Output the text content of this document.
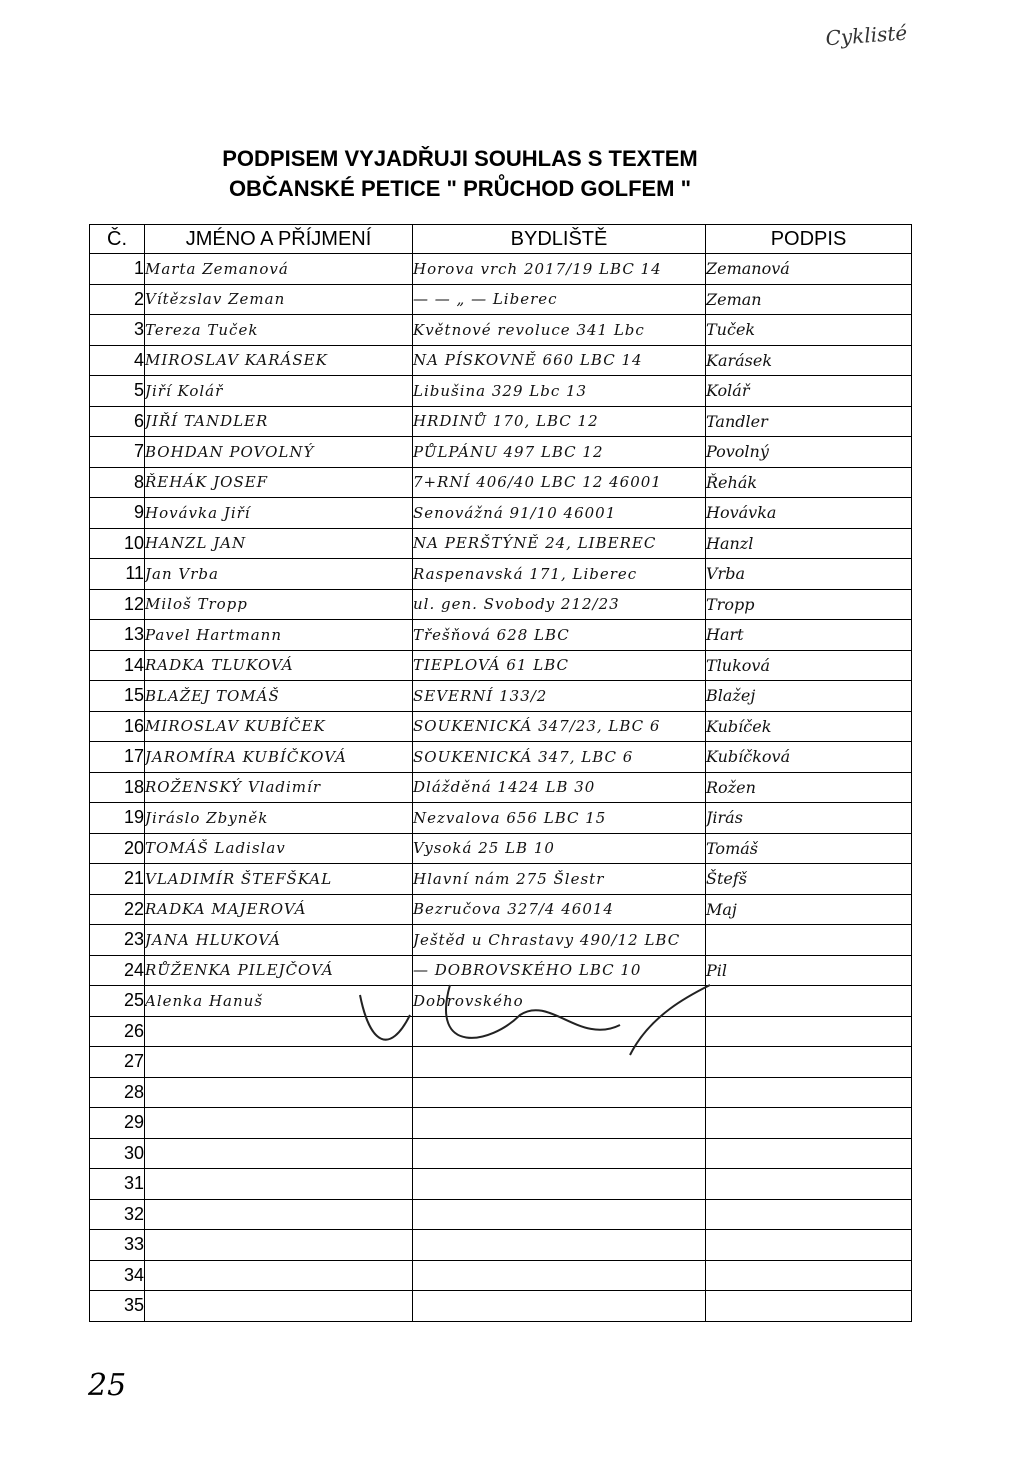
Cyklisté
PODPISEM VYJADŘUJI SOUHLAS S TEXTEM
OBČANSKÉ PETICE " PRŮCHOD GOLFEM "
Č.	JMÉNO A PŘÍJMENÍ	BYDLIŠTĚ	PODPIS
1	Marta Zemanová	Horova vrch 2017/19 LBC 14	Zemanová
2	Vítězslav Zeman	— — „ — Liberec	Zeman
3	Tereza Tuček	Květnové revoluce 341 Lbc	Tuček
4	MIROSLAV KARÁSEK	NA PÍSKOVNĚ 660 LBC 14	Karásek
5	Jiří Kolář	Libušina 329 Lbc 13	Kolář
6	JIŘÍ TANDLER	HRDINŮ 170, LBC 12	Tandler
7	BOHDAN POVOLNÝ	PŮLPÁNU 497 LBC 12	Povolný
8	ŘEHÁK JOSEF	7+RNÍ 406/40 LBC 12 46001	Řehák
9	Hovávka Jiří	Senovážná 91/10 46001	Hovávka
10	HANZL JAN	NA PERŠTÝNĚ 24, LIBEREC	Hanzl
11	Jan Vrba	Raspenavská 171, Liberec	Vrba
12	Miloš Tropp	ul. gen. Svobody 212/23	Tropp
13	Pavel Hartmann	Třešňová 628 LBC	Hart
14	RADKA TLUKOVÁ	TIEPLOVÁ 61 LBC	Tluková
15	BLAŽEJ TOMÁŠ	SEVERNÍ 133/2	Blažej
16	MIROSLAV KUBÍČEK	SOUKENICKÁ 347/23, LBC 6	Kubíček
17	JAROMÍRA KUBÍČKOVÁ	SOUKENICKÁ 347, LBC 6	Kubíčková
18	ROŽENSKÝ Vladimír	Dlážděná 1424 LB 30	Rožen
19	Jiráslo Zbyněk	Nezvalova 656 LBC 15	Jirás
20	TOMÁŠ Ladislav	Vysoká 25 LB 10	Tomáš
21	VLADIMÍR ŠTEFŠKAL	Hlavní nám 275 Šlestr	Štefš
22	RADKA MAJEROVÁ	Bezručova 327/4 46014	Maj
23	JANA HLUKOVÁ	Ještěd u Chrastavy 490/12 LBC	
24	RŮŽENKA PILEJČOVÁ	— DOBROVSKÉHO LBC 10	Pil
25	Alenka Hanuš	Dobrovského	
26			
27			
28			
29			
30			
31			
32			
33			
34			
35			
25
